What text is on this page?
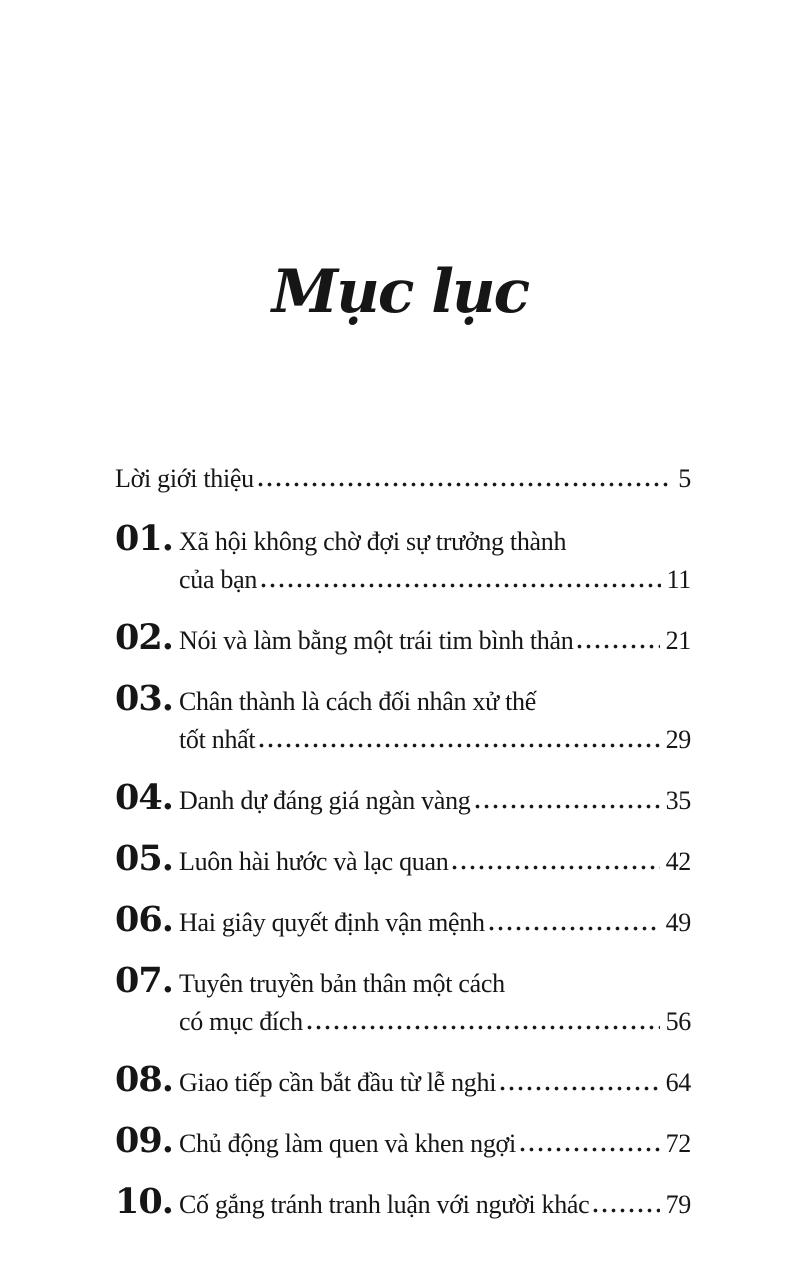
Mục lục
Lời giới thiệu	5
01. Xã hội không chờ đợi sự trưởng thành
của bạn	11
02. Nói và làm bằng một trái tim bình thản	21
03. Chân thành là cách đối nhân xử thế
tốt nhất	29
04. Danh dự đáng giá ngàn vàng	35
05. Luôn hài hước và lạc quan	42
06. Hai giây quyết định vận mệnh	49
07. Tuyên truyền bản thân một cách
có mục đích	56
08. Giao tiếp cần bắt đầu từ lễ nghi	64
09. Chủ động làm quen và khen ngợi	72
10. Cố gắng tránh tranh luận với người khác	79
